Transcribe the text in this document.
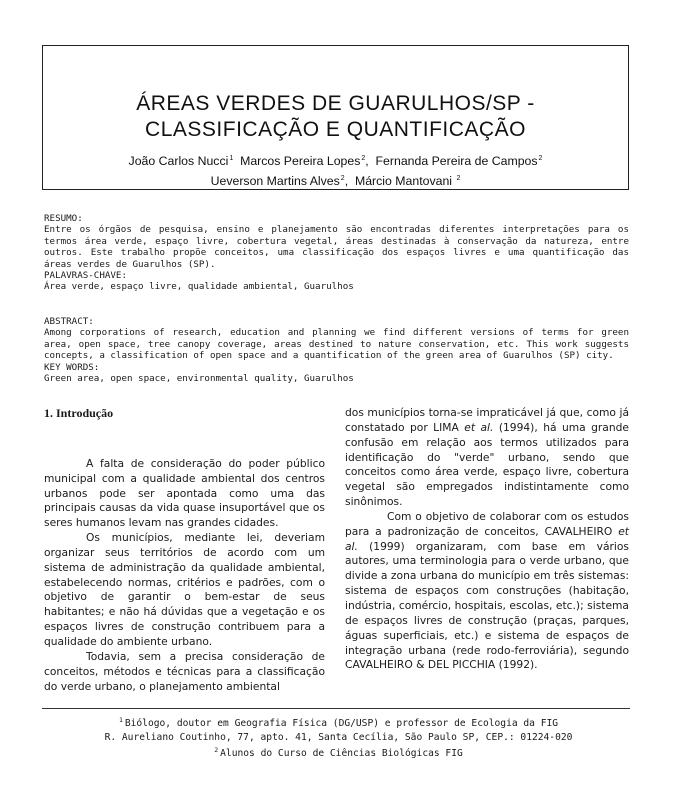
ÁREAS VERDES DE GUARULHOS/SP -
CLASSIFICAÇÃO E QUANTIFICAÇÃO
João Carlos Nucci$^1$ Marcos Pereira Lopes$^2$, Fernanda Pereira de Campos$^2$
Ueverson Martins Alves$^2$, Márcio Mantovani $^2$
RESUMO:
Entre os órgãos de pesquisa, ensino e planejamento são encontradas diferentes interpretações para os termos área verde, espaço livre, cobertura vegetal, áreas destinadas à conservação da natureza, entre outros. Este trabalho propõe conceitos, uma classificação dos espaços livres e uma quantificação das áreas verdes de Guarulhos (SP).
PALAVRAS-CHAVE:
Área verde, espaço livre, qualidade ambiental, Guarulhos
ABSTRACT:
Among corporations of research, education and planning we find different versions of terms for green area, open space, tree canopy coverage, areas destined to nature conservation, etc. This work suggests concepts, a classification of open space and a quantification of the green area of Guarulhos (SP) city.
KEY WORDS:
Green area, open space, environmental quality, Guarulhos
1. Introdução

A falta de consideração do poder público municipal com a qualidade ambiental dos centros urbanos pode ser apontada como uma das principais causas da vida quase insuportável que os seres humanos levam nas grandes cidades.

Os municípios, mediante lei, deveriam organizar seus territórios de acordo com um sistema de administração da qualidade ambiental, estabelecendo normas, critérios e padrões, com o objetivo de garantir o bem-estar de seus habitantes; e não há dúvidas que a vegetação e os espaços livres de construção contribuem para a qualidade do ambiente urbano.

Todavia, sem a precisa consideração de conceitos, métodos e técnicas para a classificação do verde urbano, o planejamento ambiental

dos municípios torna-se impraticável já que, como já constatado por LIMA et al. (1994), há uma grande confusão em relação aos termos utilizados para identificação do "verde" urbano, sendo que conceitos como área verde, espaço livre, cobertura vegetal são empregados indistintamente como sinônimos.

Com o objetivo de colaborar com os estudos para a padronização de conceitos, CAVALHEIRO et al. (1999) organizaram, com base em vários autores, uma terminologia para o verde urbano, que divide a zona urbana do município em três sistemas: sistema de espaços com construções (habitação, indústria, comércio, hospitais, escolas, etc.); sistema de espaços livres de construção (praças, parques, águas superficiais, etc.) e sistema de espaços de integração urbana (rede rodo-ferroviária), segundo CAVALHEIRO & DEL PICCHIA (1992).

$^1$ Biólogo, doutor em Geografia Física (DG/USP) e professor de Ecologia da FIG
R. Aureliano Coutinho, 77, apto. 41, Santa Cecília, São Paulo SP, CEP.: 01224-020
$^2$ Alunos do Curso de Ciências Biológicas FIG
